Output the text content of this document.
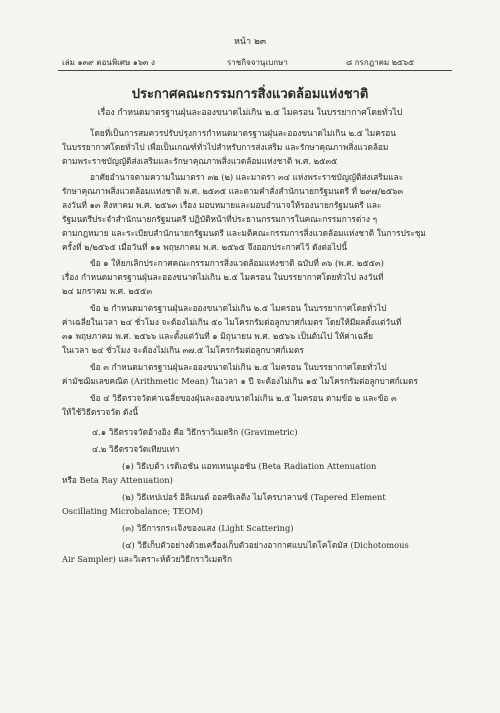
หน้า ๒๓
เล่ม ๑๓๙ ตอนพิเศษ ๑๖๓ ง	ราชกิจจานุเบกษา	๘ กรกฎาคม ๒๕๖๕
ประกาศคณะกรรมการสิ่งแวดล้อมแห่งชาติ
เรื่อง กำหนดมาตรฐานฝุ่นละอองขนาดไม่เกิน ๒.๕ ไมครอน ในบรรยากาศโดยทั่วไป
โดยที่เป็นการสมควรปรับปรุงการกำหนดมาตรฐานฝุ่นละอองขนาดไม่เกิน ๒.๕ ไมครอน
ในบรรยากาศโดยทั่วไป เพื่อเป็นเกณฑ์ทั่วไปสำหรับการส่งเสริม และรักษาคุณภาพสิ่งแวดล้อม
ตามพระราชบัญญัติส่งเสริมและรักษาคุณภาพสิ่งแวดล้อมแห่งชาติ พ.ศ. ๒๕๓๕
อาศัยอำนาจตามความในมาตรา ๓๒ (๒) และมาตรา ๓๔ แห่งพระราชบัญญัติส่งเสริมและ
รักษาคุณภาพสิ่งแวดล้อมแห่งชาติ พ.ศ. ๒๕๓๕ และตามคำสั่งสำนักนายกรัฐมนตรี ที่ ๒๙๗/๒๕๖๓
ลงวันที่ ๑๓ สิงหาคม พ.ศ. ๒๕๖๓ เรื่อง มอบหมายและมอบอำนาจให้รองนายกรัฐมนตรี และ
รัฐมนตรีประจำสำนักนายกรัฐมนตรี ปฏิบัติหน้าที่ประธานกรรมการในคณะกรรมการต่าง ๆ
ตามกฎหมาย และระเบียบสำนักนายกรัฐมนตรี และมติคณะกรรมการสิ่งแวดล้อมแห่งชาติ ในการประชุม
ครั้งที่ ๒/๒๕๖๕ เมื่อวันที่ ๑๑ พฤษภาคม พ.ศ. ๒๕๖๕ จึงออกประกาศไว้ ดังต่อไปนี้
ข้อ ๑ ให้ยกเลิกประกาศคณะกรรมการสิ่งแวดล้อมแห่งชาติ ฉบับที่ ๓๖ (พ.ศ. ๒๕๕๓)
เรื่อง กำหนดมาตรฐานฝุ่นละอองขนาดไม่เกิน ๒.๕ ไมครอน ในบรรยากาศโดยทั่วไป ลงวันที่
๒๔ มกราคม พ.ศ. ๒๕๕๓
ข้อ ๒ กำหนดมาตรฐานฝุ่นละอองขนาดไม่เกิน ๒.๕ ไมครอน ในบรรยากาศโดยทั่วไป
ค่าเฉลี่ยในเวลา ๒๔ ชั่วโมง จะต้องไม่เกิน ๕๐ ไมโครกรัมต่อลูกบาศก์เมตร โดยให้มีผลตั้งแต่วันที่
๓๑ พฤษภาคม พ.ศ. ๒๕๖๖ และตั้งแต่วันที่ ๑ มิถุนายน พ.ศ. ๒๕๖๖ เป็นต้นไป ให้ค่าเฉลี่ย
ในเวลา ๒๔ ชั่วโมง จะต้องไม่เกิน ๓๗.๕ ไมโครกรัมต่อลูกบาศก์เมตร
ข้อ ๓ กำหนดมาตรฐานฝุ่นละอองขนาดไม่เกิน ๒.๕ ไมครอน ในบรรยากาศโดยทั่วไป
ค่ามัชฌิมเลขคณิต (Arithmetic Mean) ในเวลา ๑ ปี จะต้องไม่เกิน ๑๕ ไมโครกรัมต่อลูกบาศก์เมตร
ข้อ ๔ วิธีตรวจวัดค่าเฉลี่ยของฝุ่นละอองขนาดไม่เกิน ๒.๕ ไมครอน ตามข้อ ๒ และข้อ ๓
ให้ใช้วิธีตรวจวัด ดังนี้
๔.๑ วิธีตรวจวัดอ้างอิง คือ วิธีกราวิเมตริก (Gravimetric)
๔.๒ วิธีตรวจวัดเทียบเท่า
(๑) วิธีเบต้า เรดิเอชัน แอทเทนนูเอชัน (Beta Radiation Attenuation
หรือ Beta Ray Attenuation)
(๒) วิธีเทปเปอร์ อิลิเมนต์ ออสซิเลติง ไมโครบาลานซ์ (Tapered Element
Oscillating Microbalance; TEOM)
(๓) วิธีการกระเจิงของแสง (Light Scattering)
(๔) วิธีเก็บตัวอย่างด้วยเครื่องเก็บตัวอย่างอากาศแบบไดโคโตมัส (Dichotomous
Air Sampler) และวิเคราะห์ด้วยวิธีกราวิเมตริก
